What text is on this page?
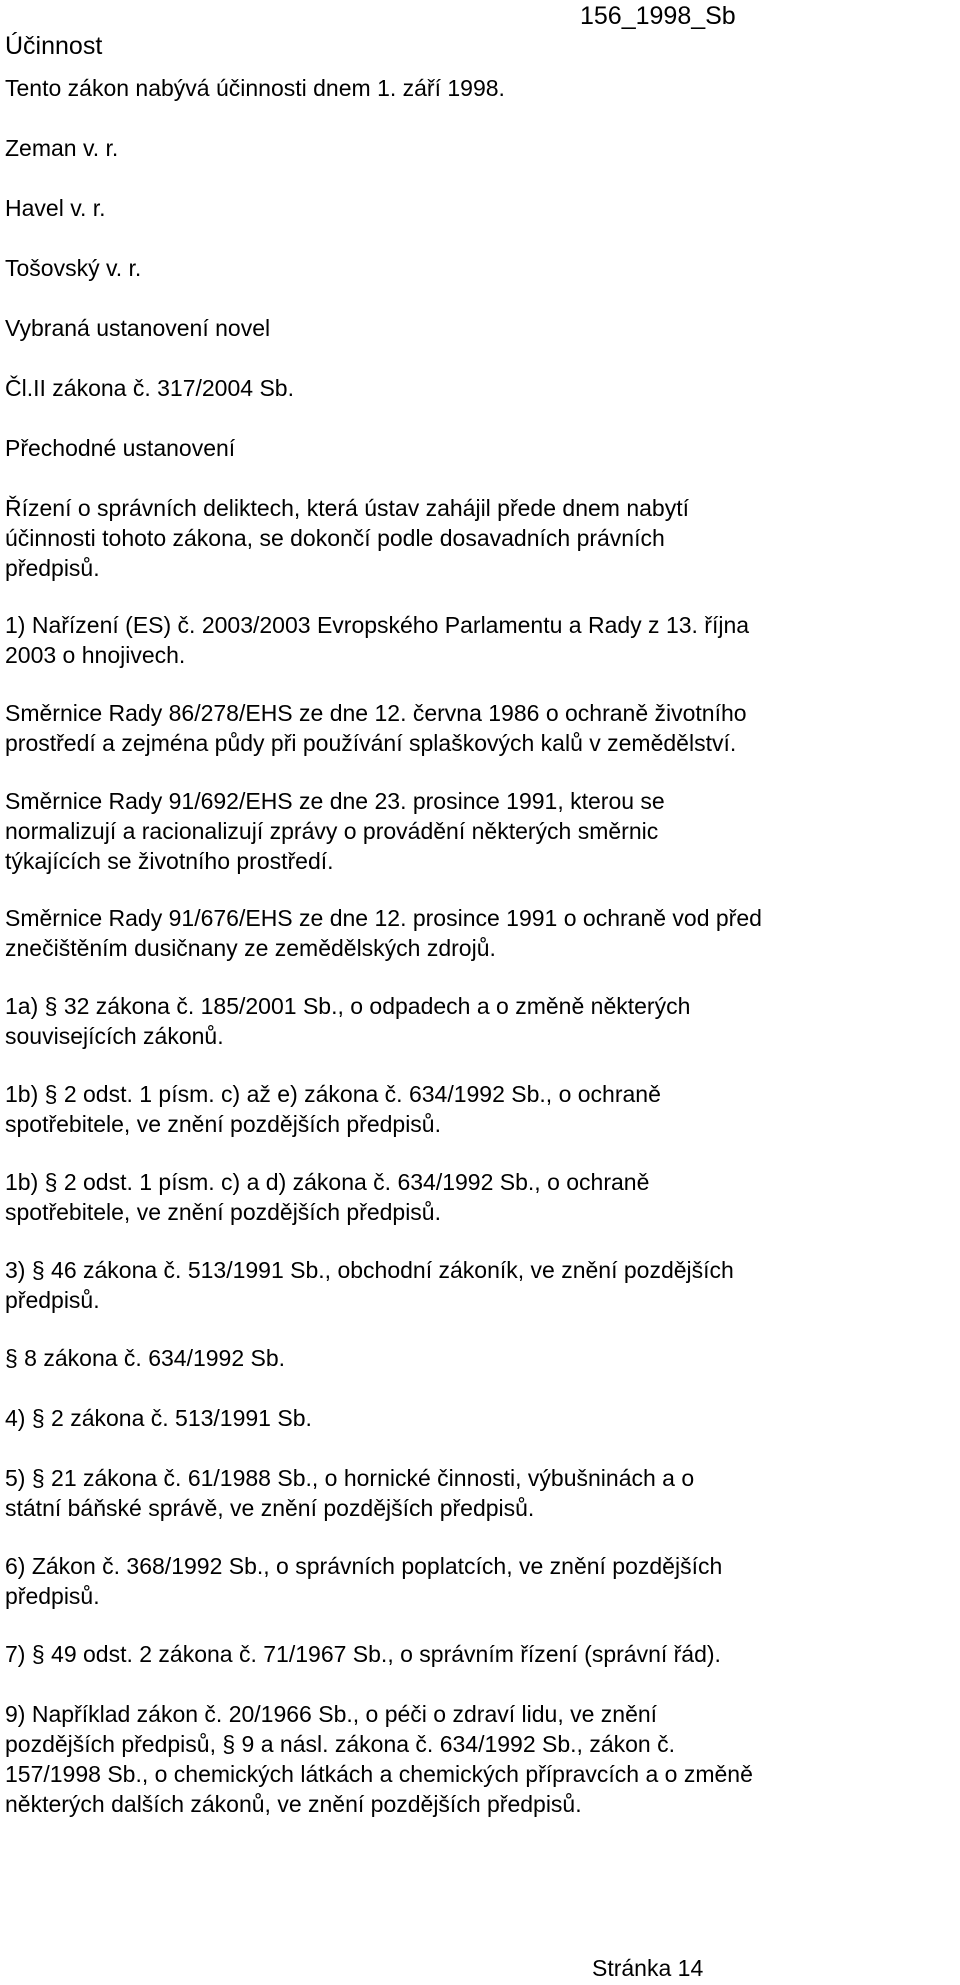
156_1998_Sb
Účinnost
Tento zákon nabývá účinnosti dnem 1. září 1998.
Zeman v. r.
Havel v. r.
Tošovský v. r.
Vybraná ustanovení novel
Čl.II zákona č. 317/2004 Sb.
Přechodné ustanovení
Řízení o správních deliktech, která ústav zahájil přede dnem nabytí
účinnosti tohoto zákona, se dokončí podle dosavadních právních
předpisů.
1) Nařízení (ES) č. 2003/2003 Evropského Parlamentu a Rady z 13. října
2003 o hnojivech.
Směrnice Rady 86/278/EHS ze dne 12. června 1986 o ochraně životního
prostředí a zejména půdy při používání splaškových kalů v zemědělství.
Směrnice Rady 91/692/EHS ze dne 23. prosince 1991, kterou se
normalizují a racionalizují zprávy o provádění některých směrnic
týkajících se životního prostředí.
Směrnice Rady 91/676/EHS ze dne 12. prosince 1991 o ochraně vod před
znečištěním dusičnany ze zemědělských zdrojů.
1a) § 32 zákona č. 185/2001 Sb., o odpadech a o změně některých
souvisejících zákonů.
1b) § 2 odst. 1 písm. c) až e) zákona č. 634/1992 Sb., o ochraně
spotřebitele, ve znění pozdějších předpisů.
1b) § 2 odst. 1 písm. c) a d) zákona č. 634/1992 Sb., o ochraně
spotřebitele, ve znění pozdějších předpisů.
3) § 46 zákona č. 513/1991 Sb., obchodní zákoník, ve znění pozdějších
předpisů.
§ 8 zákona č. 634/1992 Sb.
4) § 2 zákona č. 513/1991 Sb.
5) § 21 zákona č. 61/1988 Sb., o hornické činnosti, výbušninách a o
státní báňské správě, ve znění pozdějších předpisů.
6) Zákon č. 368/1992 Sb., o správních poplatcích, ve znění pozdějších
předpisů.
7) § 49 odst. 2 zákona č. 71/1967 Sb., o správním řízení (správní řád).
9) Například zákon č. 20/1966 Sb., o péči o zdraví lidu, ve znění
pozdějších předpisů, § 9 a násl. zákona č. 634/1992 Sb., zákon č.
157/1998 Sb., o chemických látkách a chemických přípravcích a o změně
některých dalších zákonů, ve znění pozdějších předpisů.
Stránka 14
